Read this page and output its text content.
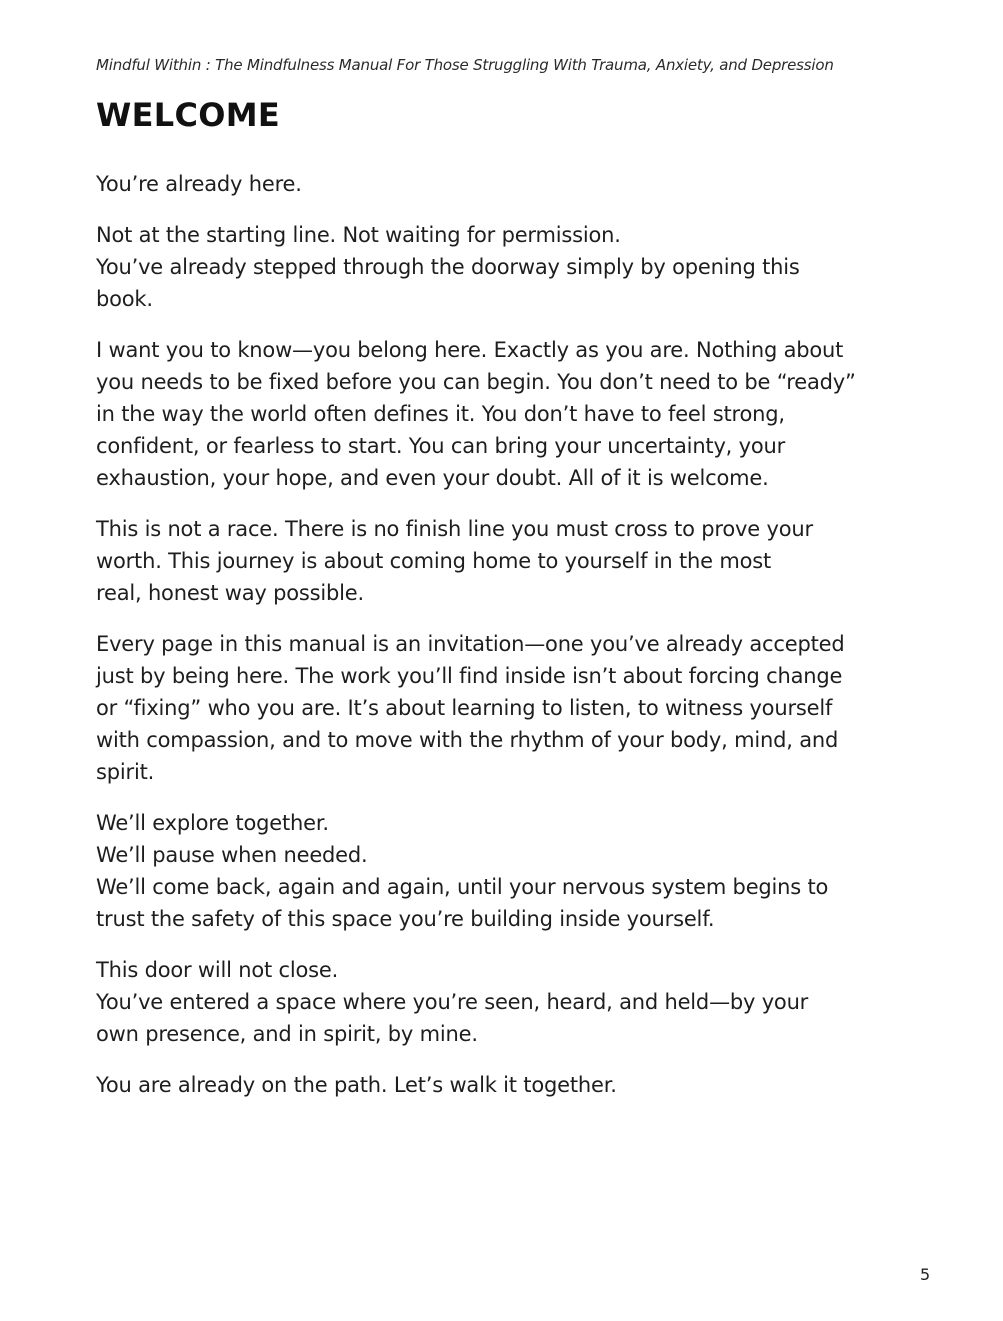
Mindful Within : The Mindfulness Manual For Those Struggling With Trauma, Anxiety, and Depression
WELCOME

You’re already here.

Not at the starting line. Not waiting for permission.
You’ve already stepped through the doorway simply by opening this
book.

I want you to know—you belong here. Exactly as you are. Nothing about
you needs to be fixed before you can begin. You don’t need to be “ready”
in the way the world often defines it. You don’t have to feel strong,
confident, or fearless to start. You can bring your uncertainty, your
exhaustion, your hope, and even your doubt. All of it is welcome.

This is not a race. There is no finish line you must cross to prove your
worth. This journey is about coming home to yourself in the most
real, honest way possible.

Every page in this manual is an invitation—one you’ve already accepted
just by being here. The work you’ll find inside isn’t about forcing change
or “fixing” who you are. It’s about learning to listen, to witness yourself
with compassion, and to move with the rhythm of your body, mind, and
spirit.

We’ll explore together.
We’ll pause when needed.
We’ll come back, again and again, until your nervous system begins to
trust the safety of this space you’re building inside yourself.

This door will not close.
You’ve entered a space where you’re seen, heard, and held—by your
own presence, and in spirit, by mine.

You are already on the path. Let’s walk it together.

5
